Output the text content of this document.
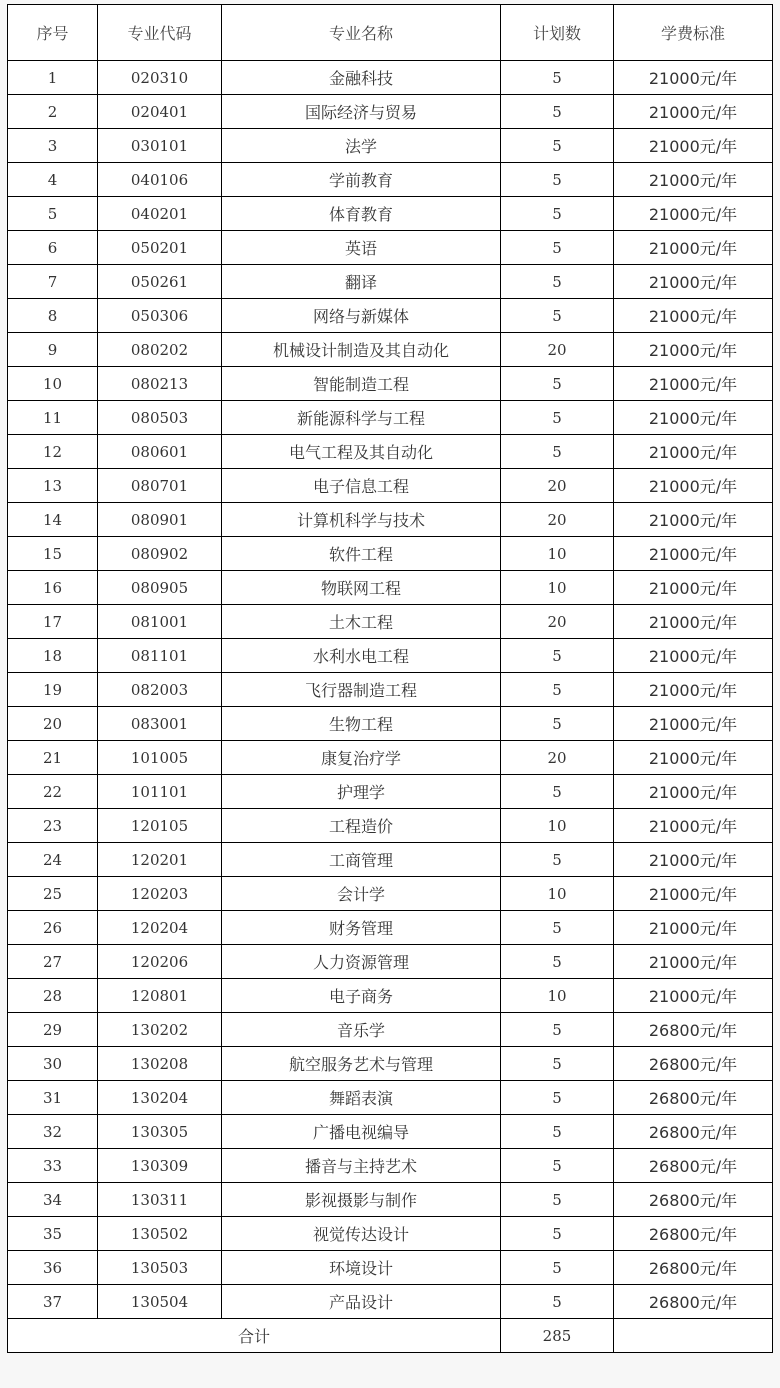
序号	专业代码	专业名称	计划数	学费标准
1	020310	金融科技	5	21000元/年
2	020401	国际经济与贸易	5	21000元/年
3	030101	法学	5	21000元/年
4	040106	学前教育	5	21000元/年
5	040201	体育教育	5	21000元/年
6	050201	英语	5	21000元/年
7	050261	翻译	5	21000元/年
8	050306	网络与新媒体	5	21000元/年
9	080202	机械设计制造及其自动化	20	21000元/年
10	080213	智能制造工程	5	21000元/年
11	080503	新能源科学与工程	5	21000元/年
12	080601	电气工程及其自动化	5	21000元/年
13	080701	电子信息工程	20	21000元/年
14	080901	计算机科学与技术	20	21000元/年
15	080902	软件工程	10	21000元/年
16	080905	物联网工程	10	21000元/年
17	081001	土木工程	20	21000元/年
18	081101	水利水电工程	5	21000元/年
19	082003	飞行器制造工程	5	21000元/年
20	083001	生物工程	5	21000元/年
21	101005	康复治疗学	20	21000元/年
22	101101	护理学	5	21000元/年
23	120105	工程造价	10	21000元/年
24	120201	工商管理	5	21000元/年
25	120203	会计学	10	21000元/年
26	120204	财务管理	5	21000元/年
27	120206	人力资源管理	5	21000元/年
28	120801	电子商务	10	21000元/年
29	130202	音乐学	5	26800元/年
30	130208	航空服务艺术与管理	5	26800元/年
31	130204	舞蹈表演	5	26800元/年
32	130305	广播电视编导	5	26800元/年
33	130309	播音与主持艺术	5	26800元/年
34	130311	影视摄影与制作	5	26800元/年
35	130502	视觉传达设计	5	26800元/年
36	130503	环境设计	5	26800元/年
37	130504	产品设计	5	26800元/年
合计			285	
